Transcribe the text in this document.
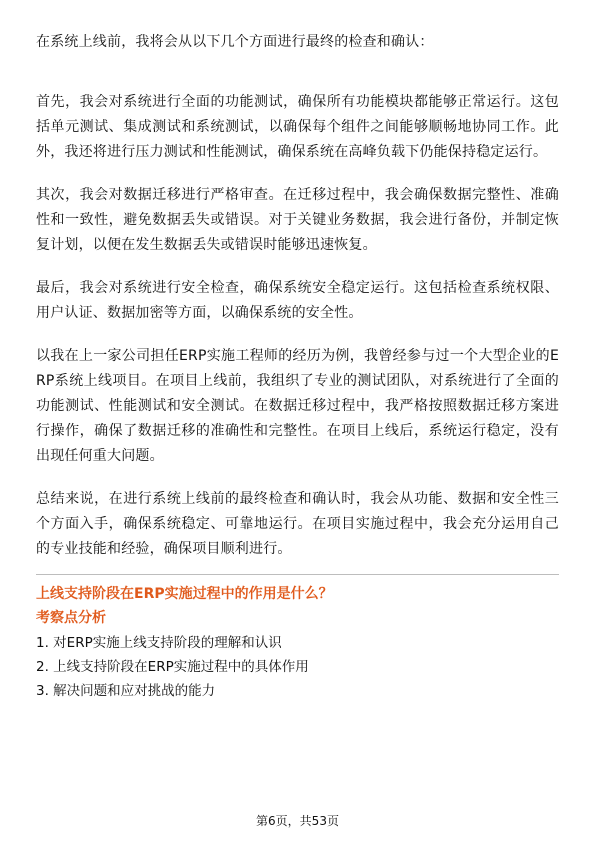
在系统上线前，我将会从以下几个方面进行最终的检查和确认：

首先，我会对系统进行全面的功能测试，确保所有功能模块都能够正常运行。这包括单元测试、集成测试和系统测试，以确保每个组件之间能够顺畅地协同工作。此外，我还将进行压力测试和性能测试，确保系统在高峰负载下仍能保持稳定运行。

其次，我会对数据迁移进行严格审查。在迁移过程中，我会确保数据完整性、准确性和一致性，避免数据丢失或错误。对于关键业务数据，我会进行备份，并制定恢复计划，以便在发生数据丢失或错误时能够迅速恢复。

最后，我会对系统进行安全检查，确保系统安全稳定运行。这包括检查系统权限、用户认证、数据加密等方面，以确保系统的安全性。

以我在上一家公司担任ERP实施工程师的经历为例，我曾经参与过一个大型企业的ERP系统上线项目。在项目上线前，我组织了专业的测试团队，对系统进行了全面的功能测试、性能测试和安全测试。在数据迁移过程中，我严格按照数据迁移方案进行操作，确保了数据迁移的准确性和完整性。在项目上线后，系统运行稳定，没有出现任何重大问题。

总结来说，在进行系统上线前的最终检查和确认时，我会从功能、数据和安全性三个方面入手，确保系统稳定、可靠地运行。在项目实施过程中，我会充分运用自己的专业技能和经验，确保项目顺利进行。

上线支持阶段在ERP实施过程中的作用是什么？
考察点分析
1. 对ERP实施上线支持阶段的理解和认识
2. 上线支持阶段在ERP实施过程中的具体作用
3. 解决问题和应对挑战的能力
第6页，共53页
